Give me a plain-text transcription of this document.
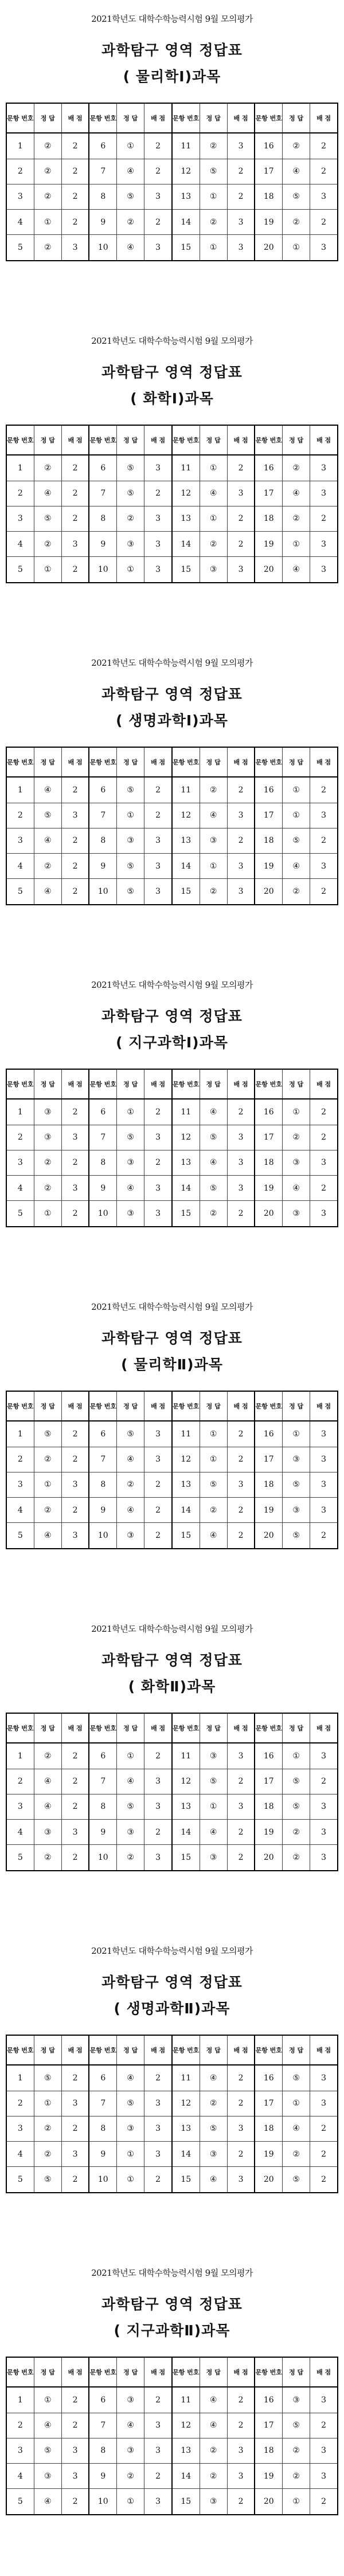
2021학년도 대학수학능력시험 9월 모의평가
과학탐구 영역 정답표
( 물리학Ⅰ)과목
문항 번호	정 답	배 점	문항 번호	정 답	배 점	문항 번호	정 답	배 점	문항 번호	정 답	배 점
1	②	2	6	①	2	11	②	3	16	②	2
2	②	2	7	④	2	12	⑤	2	17	④	2
3	②	2	8	⑤	3	13	①	2	18	⑤	3
4	①	2	9	②	2	14	②	3	19	②	2
5	②	3	10	④	3	15	①	3	20	①	3
2021학년도 대학수학능력시험 9월 모의평가
과학탐구 영역 정답표
( 화학Ⅰ)과목
문항 번호	정 답	배 점	문항 번호	정 답	배 점	문항 번호	정 답	배 점	문항 번호	정 답	배 점
1	②	2	6	⑤	3	11	①	2	16	②	3
2	④	2	7	⑤	2	12	④	3	17	④	3
3	⑤	2	8	②	3	13	①	2	18	②	2
4	②	3	9	③	3	14	②	2	19	①	3
5	①	2	10	①	3	15	③	3	20	④	3
2021학년도 대학수학능력시험 9월 모의평가
과학탐구 영역 정답표
( 생명과학Ⅰ)과목
문항 번호	정 답	배 점	문항 번호	정 답	배 점	문항 번호	정 답	배 점	문항 번호	정 답	배 점
1	④	2	6	⑤	2	11	②	2	16	①	2
2	⑤	3	7	①	2	12	④	3	17	①	3
3	④	2	8	③	3	13	③	2	18	⑤	2
4	②	2	9	⑤	3	14	①	3	19	④	3
5	④	2	10	⑤	3	15	②	3	20	②	2
2021학년도 대학수학능력시험 9월 모의평가
과학탐구 영역 정답표
( 지구과학Ⅰ)과목
문항 번호	정 답	배 점	문항 번호	정 답	배 점	문항 번호	정 답	배 점	문항 번호	정 답	배 점
1	③	2	6	①	2	11	④	2	16	①	2
2	③	3	7	⑤	3	12	⑤	3	17	②	2
3	②	2	8	③	2	13	④	3	18	③	3
4	②	3	9	④	3	14	⑤	3	19	④	2
5	①	2	10	③	3	15	②	2	20	③	3
2021학년도 대학수학능력시험 9월 모의평가
과학탐구 영역 정답표
( 물리학Ⅱ)과목
문항 번호	정 답	배 점	문항 번호	정 답	배 점	문항 번호	정 답	배 점	문항 번호	정 답	배 점
1	⑤	2	6	⑤	3	11	①	2	16	①	3
2	②	2	7	④	3	12	①	2	17	③	3
3	①	3	8	②	2	13	⑤	3	18	⑤	3
4	②	2	9	④	2	14	②	2	19	③	3
5	④	3	10	③	2	15	④	2	20	⑤	2
2021학년도 대학수학능력시험 9월 모의평가
과학탐구 영역 정답표
( 화학Ⅱ)과목
문항 번호	정 답	배 점	문항 번호	정 답	배 점	문항 번호	정 답	배 점	문항 번호	정 답	배 점
1	②	2	6	①	2	11	③	3	16	①	3
2	④	2	7	④	3	12	⑤	2	17	⑤	2
3	④	2	8	⑤	3	13	①	3	18	⑤	3
4	③	3	9	③	2	14	④	2	19	②	3
5	②	2	10	②	3	15	③	2	20	②	3
2021학년도 대학수학능력시험 9월 모의평가
과학탐구 영역 정답표
( 생명과학Ⅱ)과목
문항 번호	정 답	배 점	문항 번호	정 답	배 점	문항 번호	정 답	배 점	문항 번호	정 답	배 점
1	⑤	2	6	④	2	11	④	2	16	⑤	3
2	①	3	7	⑤	3	12	②	2	17	①	3
3	②	2	8	③	3	13	⑤	3	18	④	2
4	②	3	9	①	3	14	③	2	19	②	2
5	⑤	2	10	①	2	15	④	3	20	⑤	2
2021학년도 대학수학능력시험 9월 모의평가
과학탐구 영역 정답표
( 지구과학Ⅱ)과목
문항 번호	정 답	배 점	문항 번호	정 답	배 점	문항 번호	정 답	배 점	문항 번호	정 답	배 점
1	①	2	6	③	2	11	④	2	16	③	3
2	④	2	7	④	3	12	④	2	17	⑤	2
3	⑤	3	8	③	3	13	②	3	18	②	3
4	③	3	9	②	2	14	②	3	19	②	3
5	④	2	10	①	3	15	③	2	20	①	2
